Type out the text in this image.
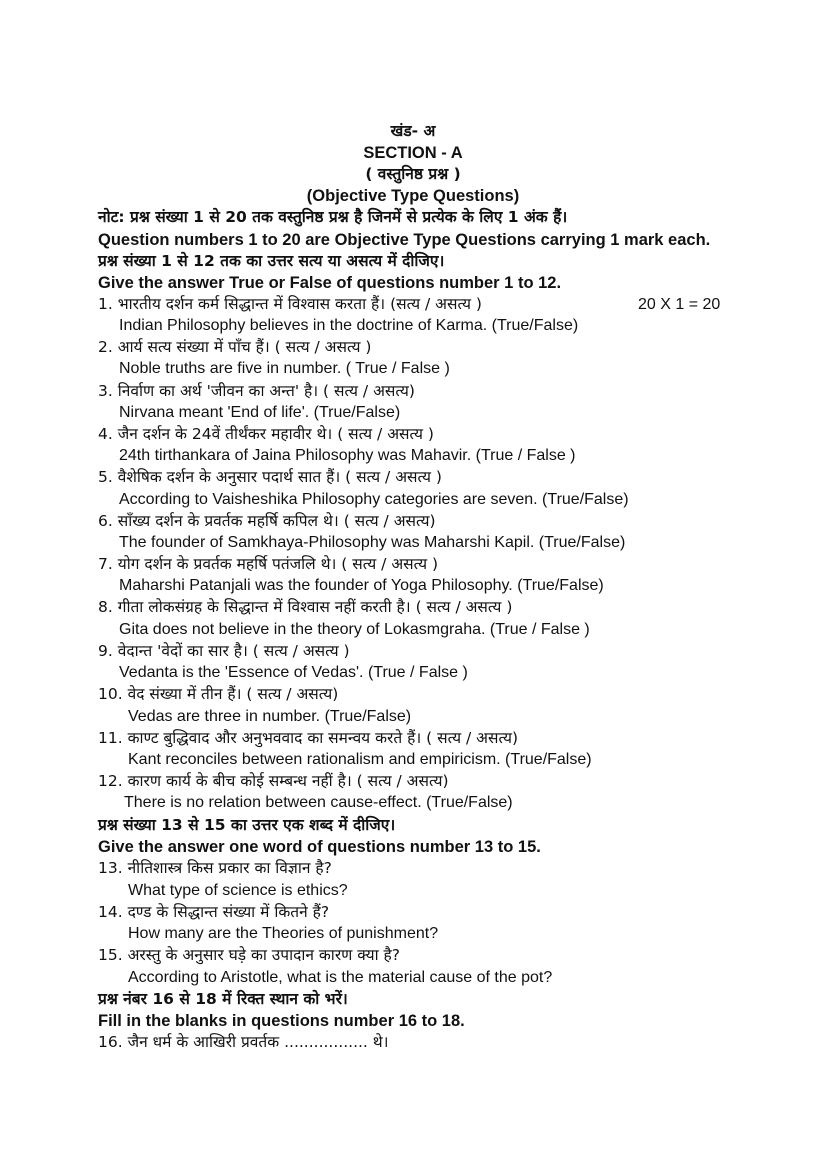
खंड- अ
SECTION - A
( वस्तुनिष्ठ प्रश्न )
(Objective Type Questions)
नोट: प्रश्न संख्या 1 से 20 तक वस्तुनिष्ठ प्रश्न है जिनमें से प्रत्येक के लिए 1 अंक हैं।
Question numbers 1 to 20 are Objective Type Questions carrying 1 mark each.
प्रश्न संख्या 1 से 12 तक का उत्तर सत्य या असत्य में दीजिए।
Give the answer True or False of questions number 1 to 12.
1. भारतीय दर्शन कर्म सिद्धान्त में विश्वास करता हैं। (सत्य / असत्य )	20 X 1 = 20
Indian Philosophy believes in the doctrine of Karma. (True/False)
2. आर्य सत्य संख्या में पाँच हैं। ( सत्य / असत्य )
Noble truths are five in number. ( True / False )
3. निर्वाण का अर्थ 'जीवन का अन्त' है। ( सत्य / असत्य)
Nirvana meant 'End of life'. (True/False)
4. जैन दर्शन के 24वें तीर्थंकर महावीर थे। ( सत्य / असत्य )
24th tirthankara of Jaina Philosophy was Mahavir. (True / False )
5. वैशेषिक दर्शन के अनुसार पदार्थ सात हैं। ( सत्य / असत्य )
According to Vaisheshika Philosophy categories are seven. (True/False)
6. साँख्य दर्शन के प्रवर्तक महर्षि कपिल थे। ( सत्य / असत्य)
The founder of Samkhaya-Philosophy was Maharshi Kapil. (True/False)
7. योग दर्शन के प्रवर्तक महर्षि पतंजलि थे। ( सत्य / असत्य )
Maharshi Patanjali was the founder of Yoga Philosophy. (True/False)
8. गीता लोकसंग्रह के सिद्धान्त में विश्वास नहीं करती है। ( सत्य / असत्य )
Gita does not believe in the theory of Lokasmgraha. (True / False )
9. वेदान्त 'वेदों का सार है। ( सत्य / असत्य )
Vedanta is the 'Essence of Vedas'. (True / False )
10. वेद संख्या में तीन हैं। ( सत्य / असत्य)
Vedas are three in number. (True/False)
11. काण्ट बुद्धिवाद और अनुभववाद का समन्वय करते हैं। ( सत्य / असत्य)
Kant reconciles between rationalism and empiricism. (True/False)
12. कारण कार्य के बीच कोई सम्बन्ध नहीं है। ( सत्य / असत्य)
There is no relation between cause-effect. (True/False)
प्रश्न संख्या 13 से 15 का उत्तर एक शब्द में दीजिए।
Give the answer one word of questions number 13 to 15.
13. नीतिशास्त्र किस प्रकार का विज्ञान है?
What type of science is ethics?
14. दण्ड के सिद्धान्त संख्या में कितने हैं?
How many are the Theories of punishment?
15. अरस्तु के अनुसार घड़े का उपादान कारण क्या है?
According to Aristotle, what is the material cause of the pot?
प्रश्न नंबर 16 से 18 में रिक्त स्थान को भरें।
Fill in the blanks in questions number 16 to 18.
16. जैन धर्म के आखिरी प्रवर्तक ................. थे।
